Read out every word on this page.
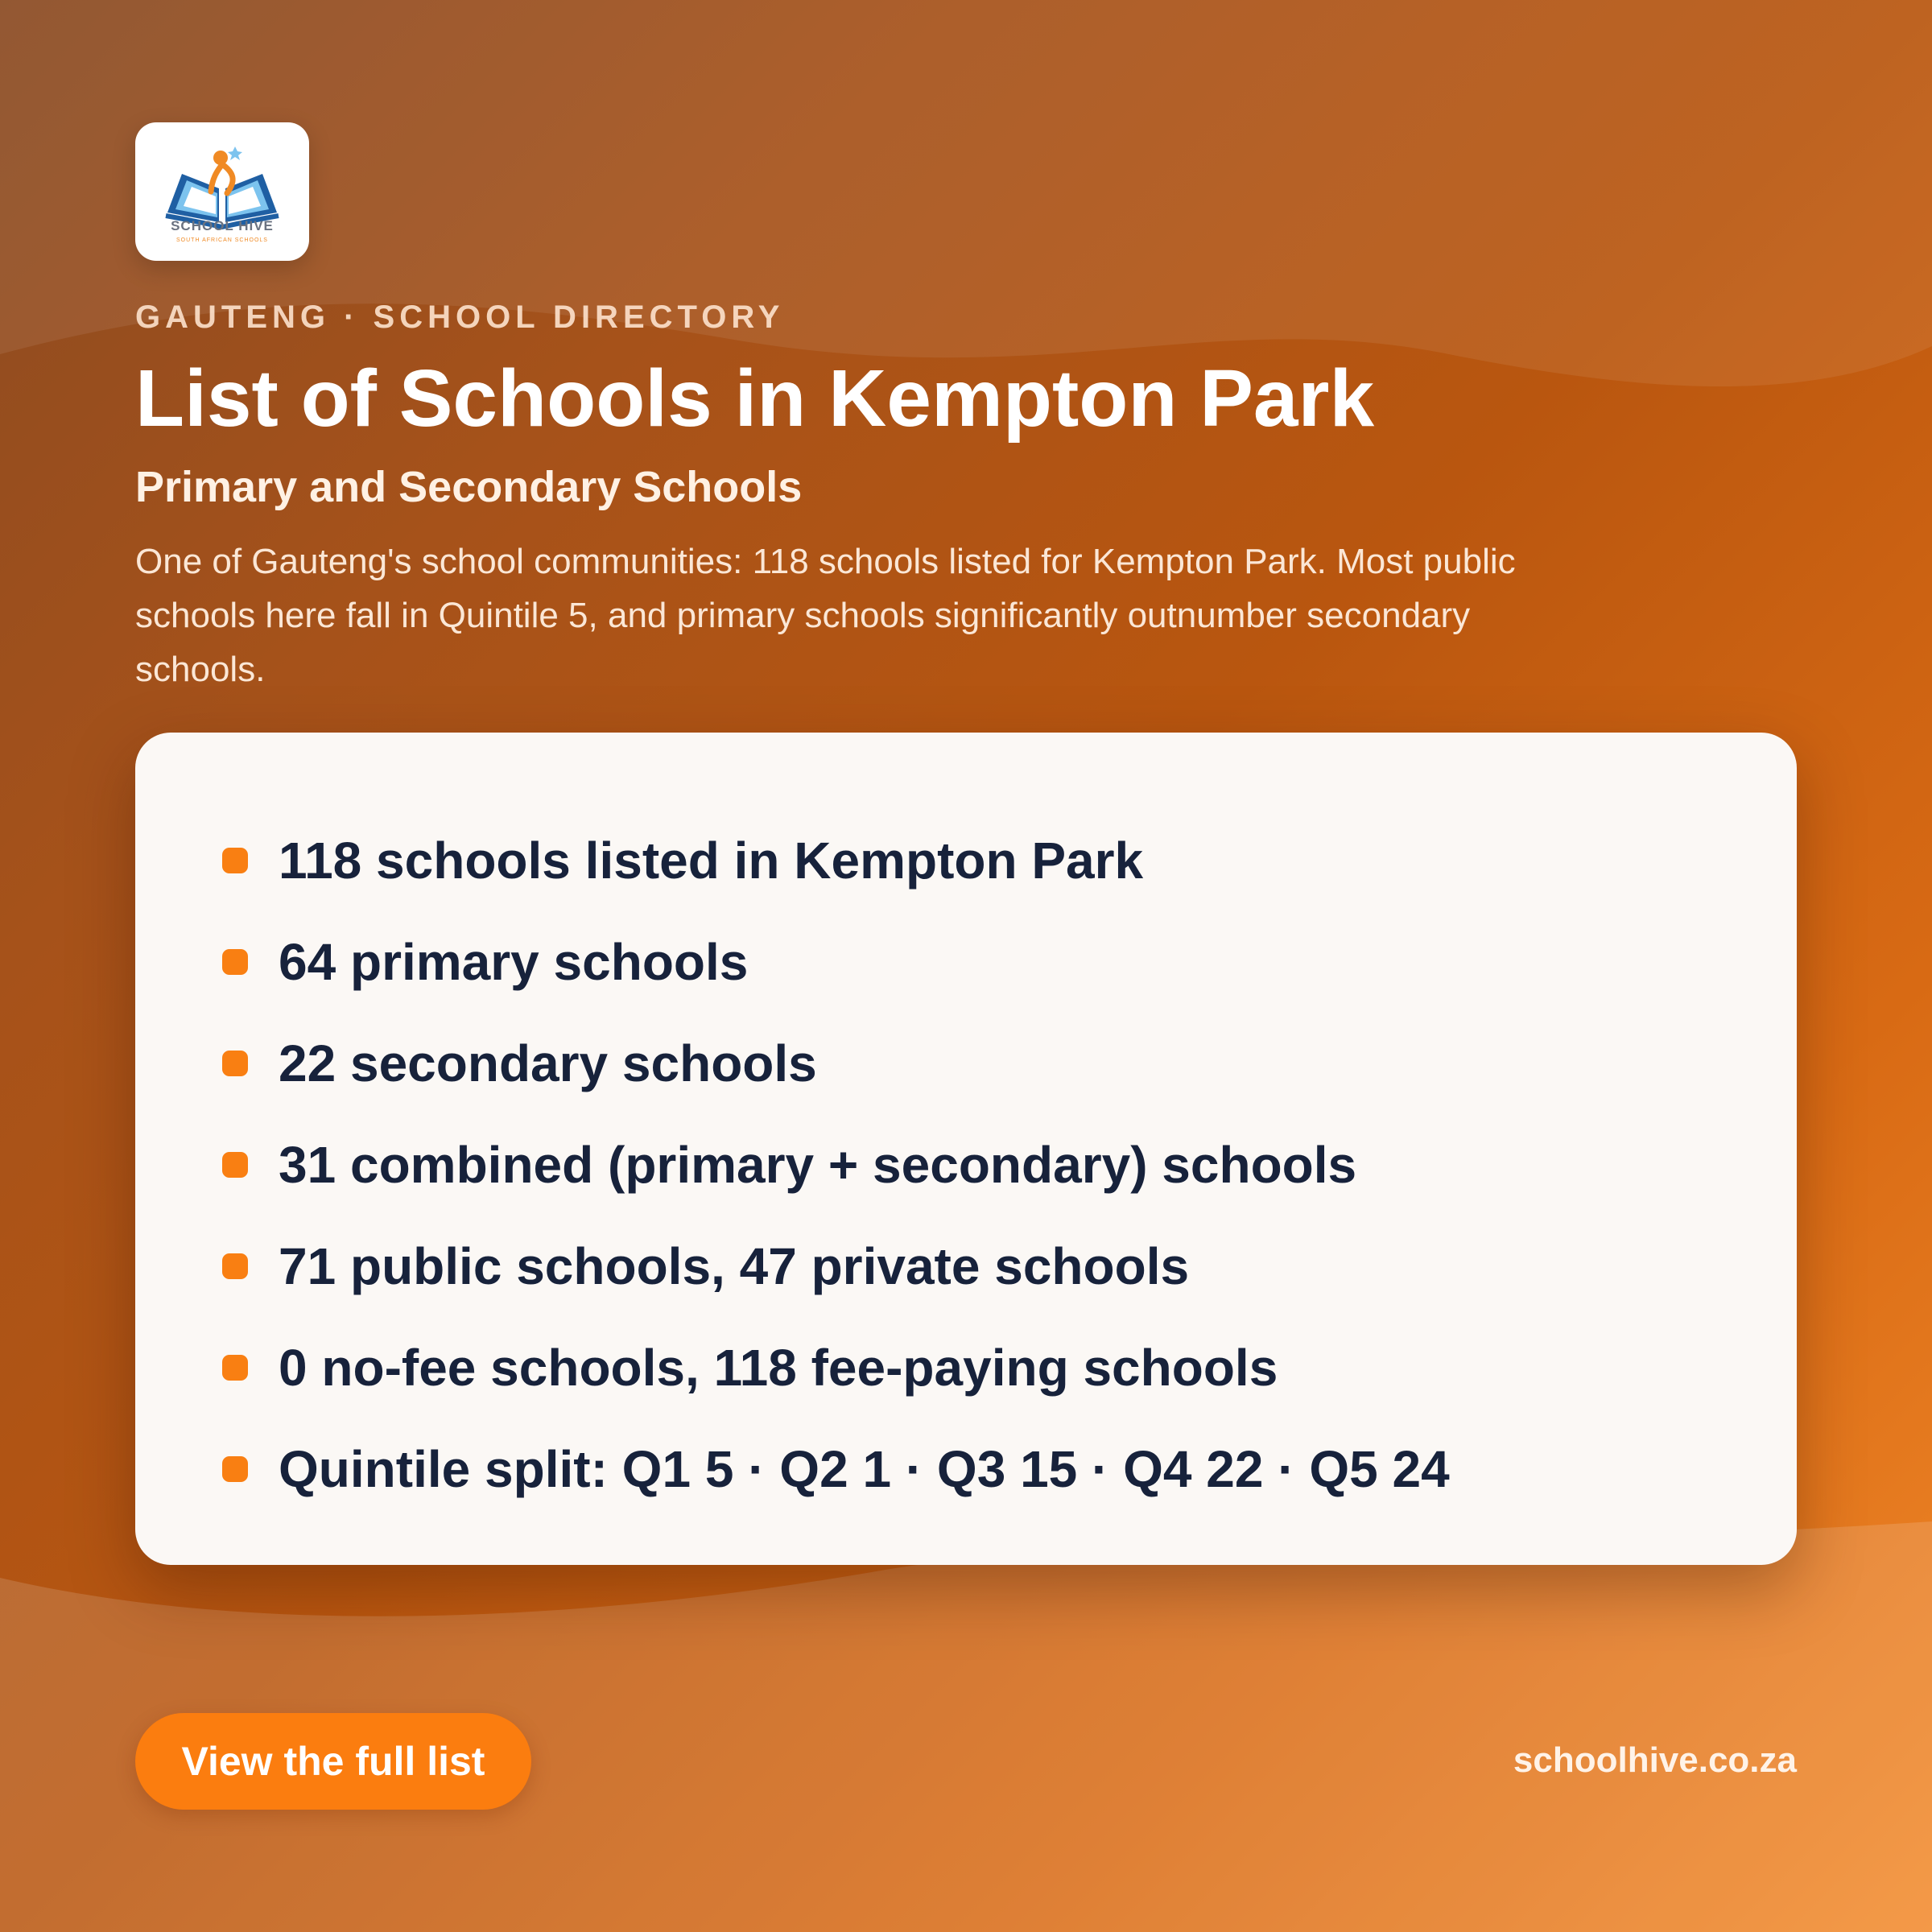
SCHOOL HIVE
SOUTH AFRICAN SCHOOLS
GAUTENG · SCHOOL DIRECTORY
List of Schools in Kempton Park
Primary and Secondary Schools

One of Gauteng's school communities: 118 schools listed for Kempton Park. Most public schools here fall in Quintile 5, and primary schools significantly outnumber secondary schools.

118 schools listed in Kempton Park
64 primary schools
22 secondary schools
31 combined (primary + secondary) schools
71 public schools, 47 private schools
0 no-fee schools, 118 fee-paying schools
Quintile split: Q1 5 · Q2 1 · Q3 15 · Q4 22 · Q5 24
View the full list	schoolhive.co.za
